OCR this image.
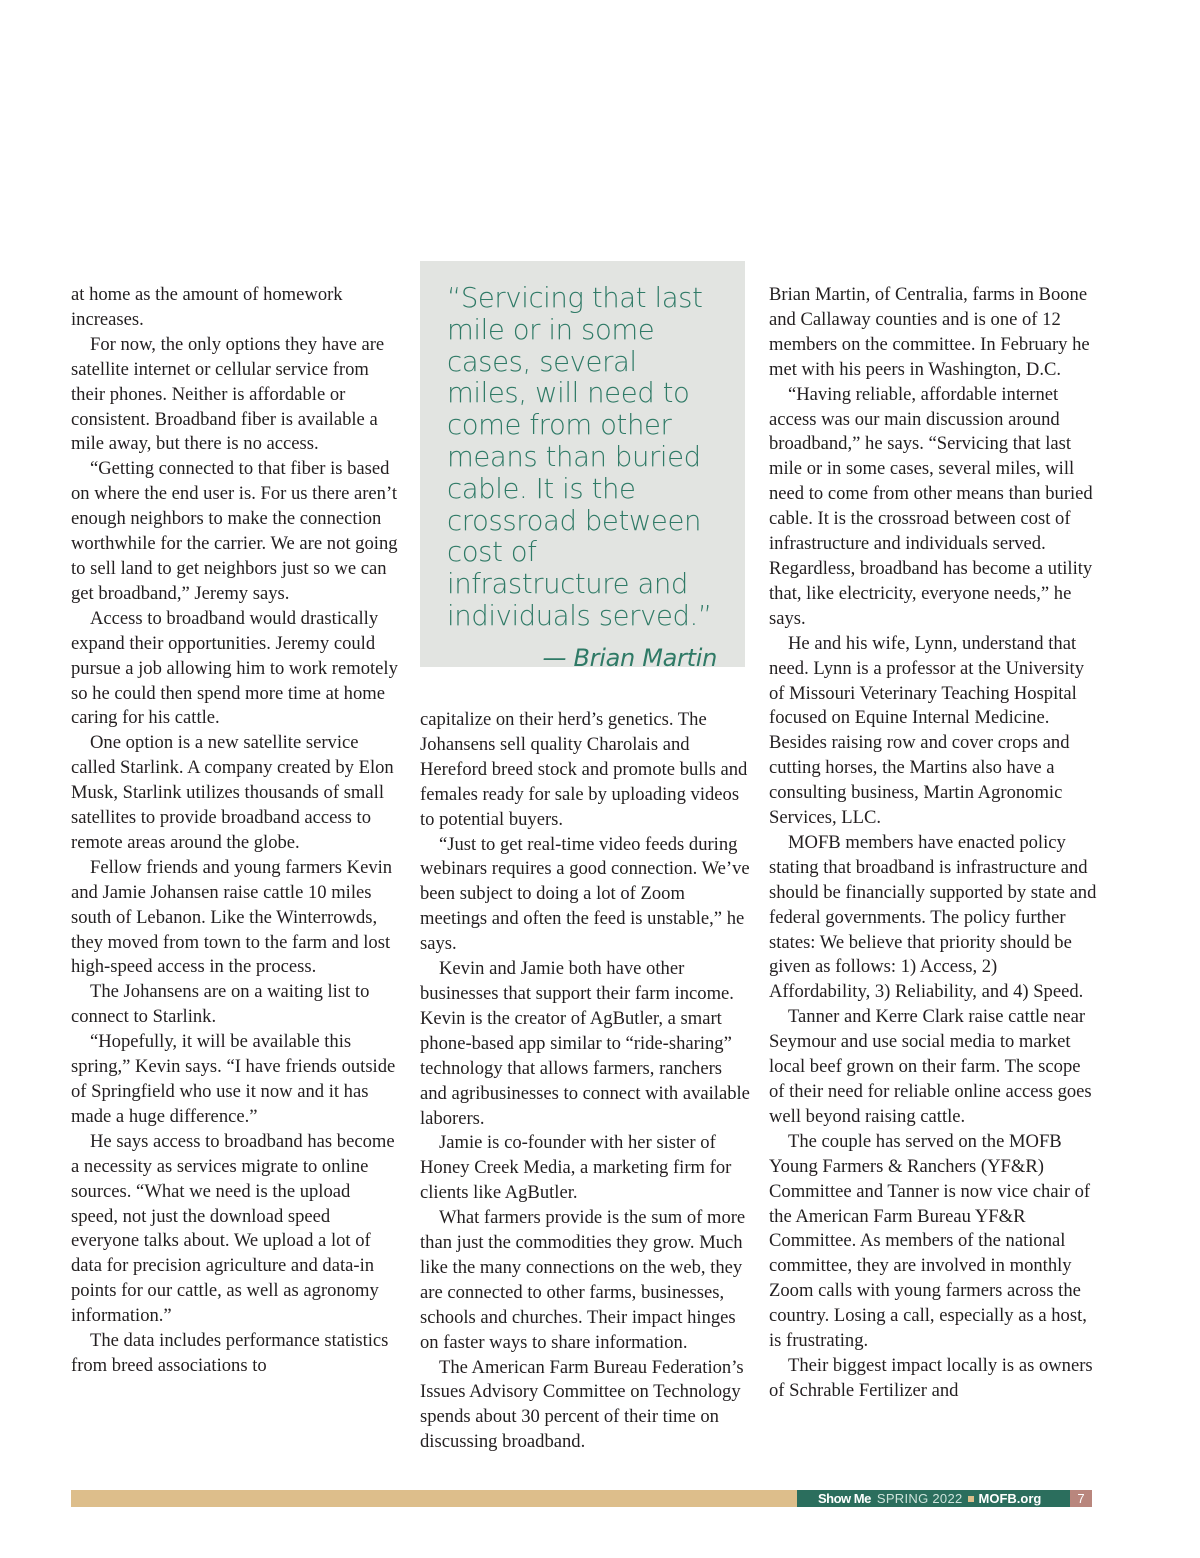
at home as the amount of homework increases.

For now, the only options they have are satellite internet or cellular service from their phones. Neither is affordable or consistent. Broadband fiber is available a mile away, but there is no access.

“Getting connected to that fiber is based on where the end user is. For us there aren’t enough neighbors to make the connection worthwhile for the carrier. We are not going to sell land to get neighbors just so we can get broadband,” Jeremy says.

Access to broadband would drastically expand their opportunities. Jeremy could pursue a job allowing him to work remotely so he could then spend more time at home caring for his cattle.

One option is a new satellite service called Starlink. A company created by Elon Musk, Starlink utilizes thousands of small satellites to provide broadband access to remote areas around the globe.

Fellow friends and young farmers Kevin and Jamie Johansen raise cattle 10 miles south of Lebanon. Like the Winterrowds, they moved from town to the farm and lost high-speed access in the process.

The Johansens are on a waiting list to connect to Starlink.

“Hopefully, it will be available this spring,” Kevin says. “I have friends outside of Springfield who use it now and it has made a huge difference.”

He says access to broadband has become a necessity as services migrate to online sources. “What we need is the upload speed, not just the download speed everyone talks about. We upload a lot of data for precision agriculture and data-in points for our cattle, as well as agronomy information.”

The data includes performance statistics from breed associations to

“Servicing that last mile or in some cases, several miles, will need to come from other means than buried cable. It is the crossroad between cost of infrastructure and individuals served.”
— Brian Martin

capitalize on their herd’s genetics. The Johansens sell quality Charolais and Hereford breed stock and promote bulls and females ready for sale by uploading videos to potential buyers.

“Just to get real-time video feeds during webinars requires a good connection. We’ve been subject to doing a lot of Zoom meetings and often the feed is unstable,” he says.

Kevin and Jamie both have other businesses that support their farm income. Kevin is the creator of AgButler, a smart phone-based app similar to “ride-sharing” technology that allows farmers, ranchers and agribusinesses to connect with available laborers.

Jamie is co-founder with her sister of Honey Creek Media, a marketing firm for clients like AgButler.

What farmers provide is the sum of more than just the commodities they grow. Much like the many connections on the web, they are connected to other farms, businesses, schools and churches. Their impact hinges on faster ways to share information.

The American Farm Bureau Federation’s Issues Advisory Committee on Technology spends about 30 percent of their time on discussing broadband.

Brian Martin, of Centralia, farms in Boone and Callaway counties and is one of 12 members on the committee. In February he met with his peers in Washington, D.C.

“Having reliable, affordable internet access was our main discussion around broadband,” he says. “Servicing that last mile or in some cases, several miles, will need to come from other means than buried cable. It is the crossroad between cost of infrastructure and individuals served. Regardless, broadband has become a utility that, like electricity, everyone needs,” he says.

He and his wife, Lynn, understand that need. Lynn is a professor at the University of Missouri Veterinary Teaching Hospital focused on Equine Internal Medicine. Besides raising row and cover crops and cutting horses, the Martins also have a consulting business, Martin Agronomic Services, LLC.

MOFB members have enacted policy stating that broadband is infrastructure and should be financially supported by state and federal governments. The policy further states: We believe that priority should be given as follows: 1) Access, 2) Affordability, 3) Reliability, and 4) Speed.

Tanner and Kerre Clark raise cattle near Seymour and use social media to market local beef grown on their farm. The scope of their need for reliable online access goes well beyond raising cattle.

The couple has served on the MOFB Young Farmers & Ranchers (YF&R) Committee and Tanner is now vice chair of the American Farm Bureau YF&R Committee. As members of the national committee, they are involved in monthly Zoom calls with young farmers across the country. Losing a call, especially as a host, is frustrating.

Their biggest impact locally is as owners of Schrable Fertilizer and

Show Me SPRING 2022 MOFB.org	7
